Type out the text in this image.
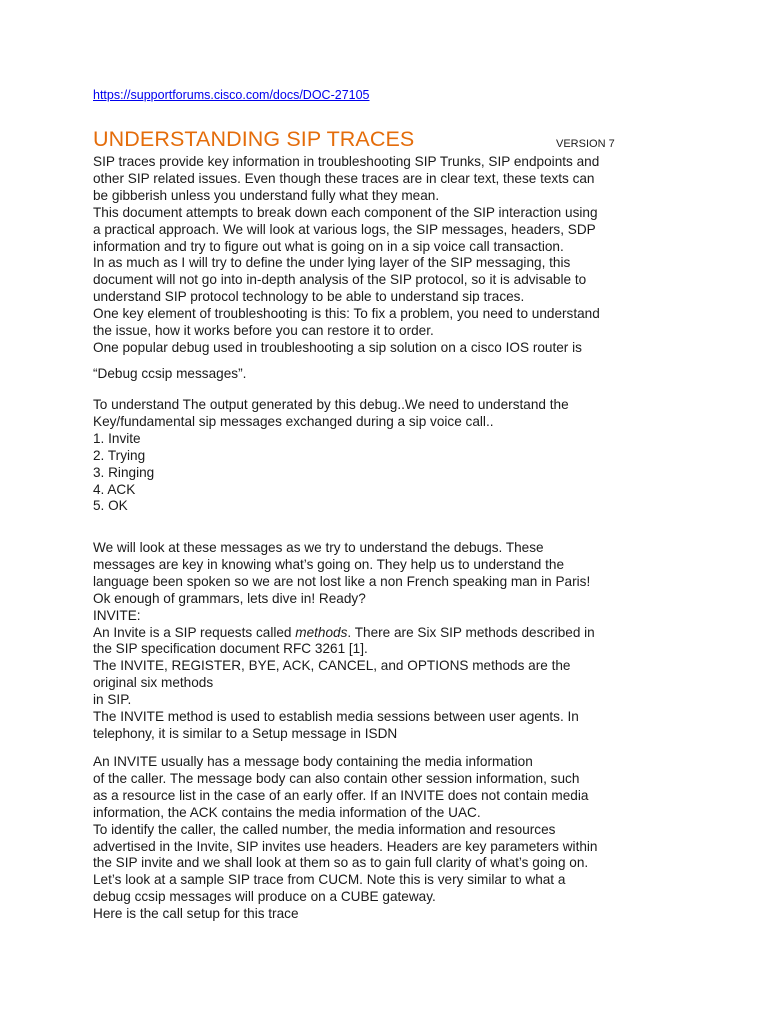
https://supportforums.cisco.com/docs/DOC-27105
UNDERSTANDING SIP TRACES	VERSION 7
SIP traces provide key information in troubleshooting SIP Trunks, SIP endpoints and
other SIP related issues. Even though these traces are in clear text, these texts can
be gibberish unless you understand fully what they mean.
This document attempts to break down each component of the SIP interaction using
a practical approach. We will look at various logs, the SIP messages, headers, SDP
information and try to figure out what is going on in a sip voice call transaction.
In as much as I will try to define the under lying layer of the SIP messaging, this
document will not go into in-depth analysis of the SIP protocol, so it is advisable to
understand SIP protocol technology to be able to understand sip traces.
One key element of troubleshooting is this: To fix a problem, you need to understand
the issue, how it works before you can restore it to order.
One popular debug used in troubleshooting a sip solution on a cisco IOS router is
“Debug ccsip messages”.
To understand The output generated by this debug..We need to understand the
Key/fundamental sip messages exchanged during a sip voice call..
1. Invite
2. Trying
3. Ringing
4. ACK
5. OK
We will look at these messages as we try to understand the debugs. These
messages are key in knowing what’s going on. They help us to understand the
language been spoken so we are not lost like a non French speaking man in Paris!
Ok enough of grammars, lets dive in! Ready?
INVITE:
An Invite is a SIP requests called methods. There are Six SIP methods described in
the SIP specification document RFC 3261 [1].
The INVITE, REGISTER, BYE, ACK, CANCEL, and OPTIONS methods are the
original six methods
in SIP.
The INVITE method is used to establish media sessions between user agents. In
telephony, it is similar to a Setup message in ISDN
An INVITE usually has a message body containing the media information
of the caller. The message body can also contain other session information, such
as a resource list in the case of an early offer. If an INVITE does not contain media
information, the ACK contains the media information of the UAC.
To identify the caller, the called number, the media information and resources
advertised in the Invite, SIP invites use headers. Headers are key parameters within
the SIP invite and we shall look at them so as to gain full clarity of what’s going on.
Let’s look at a sample SIP trace from CUCM. Note this is very similar to what a
debug ccsip messages will produce on a CUBE gateway.
Here is the call setup for this trace
